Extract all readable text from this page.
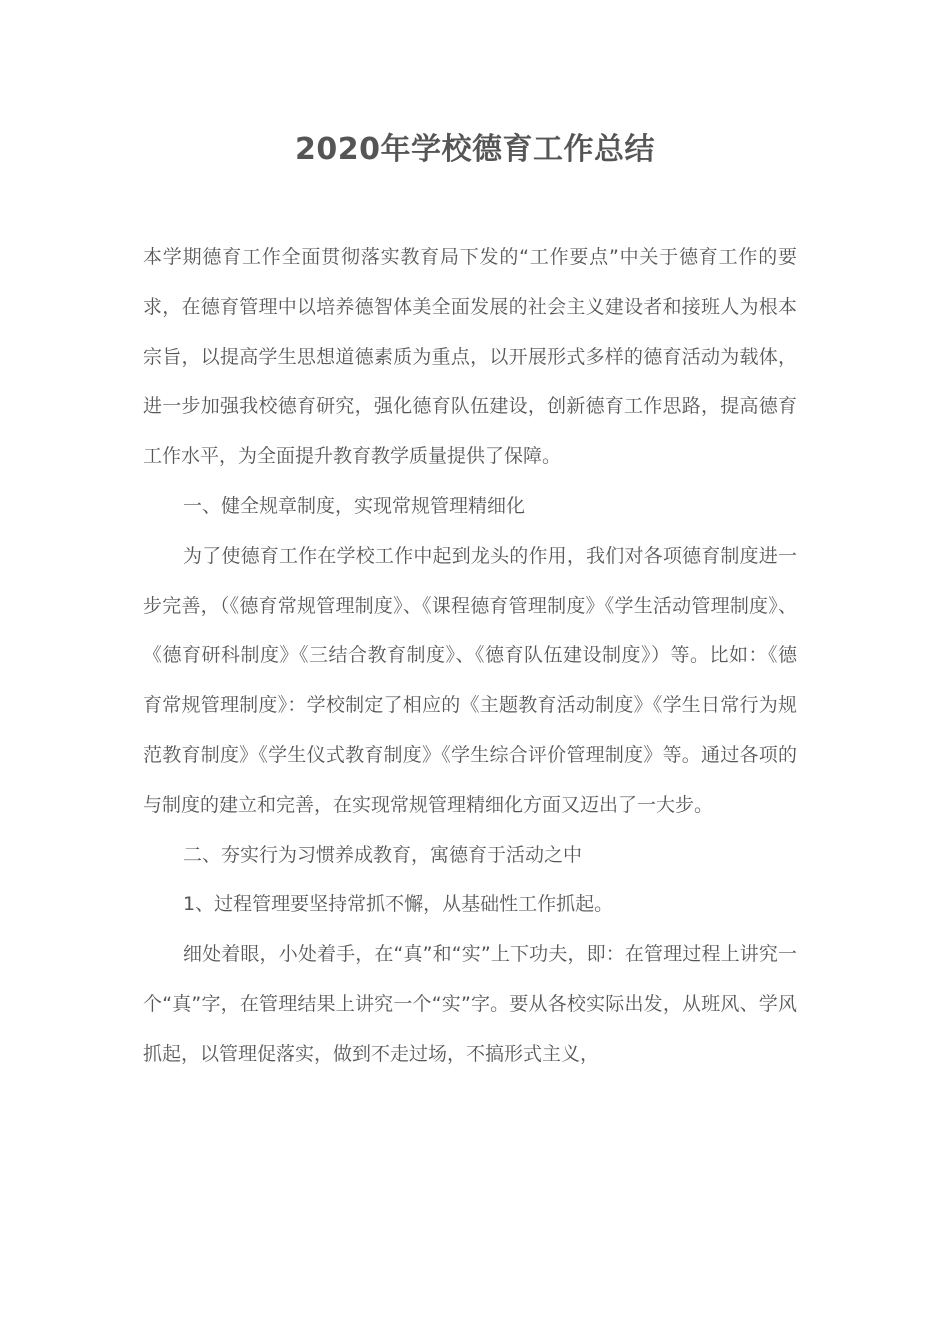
2020年学校德育工作总结

本学期德育工作全面贯彻落实教育局下发的“工作要点”中关于德育工作的要求，在德育管理中以培养德智体美全面发展的社会主义建设者和接班人为根本宗旨，以提高学生思想道德素质为重点，以开展形式多样的德育活动为载体，进一步加强我校德育研究，强化德育队伍建设，创新德育工作思路，提高德育工作水平，为全面提升教育教学质量提供了保障。

一、健全规章制度，实现常规管理精细化

为了使德育工作在学校工作中起到龙头的作用，我们对各项德育制度进一步完善，（《德育常规管理制度》、《课程德育管理制度》《学生活动管理制度》、《德育研科制度》《三结合教育制度》、《德育队伍建设制度》）等。比如：《德育常规管理制度》：学校制定了相应的《主题教育活动制度》《学生日常行为规范教育制度》《学生仪式教育制度》《学生综合评价管理制度》等。通过各项的与制度的建立和完善，在实现常规管理精细化方面又迈出了一大步。

二、夯实行为习惯养成教育，寓德育于活动之中

1、过程管理要坚持常抓不懈，从基础性工作抓起。

细处着眼，小处着手，在“真”和“实”上下功夫，即：在管理过程上讲究一个“真”字，在管理结果上讲究一个“实”字。要从各校实际出发，从班风、学风抓起，以管理促落实，做到不走过场，不搞形式主义，
